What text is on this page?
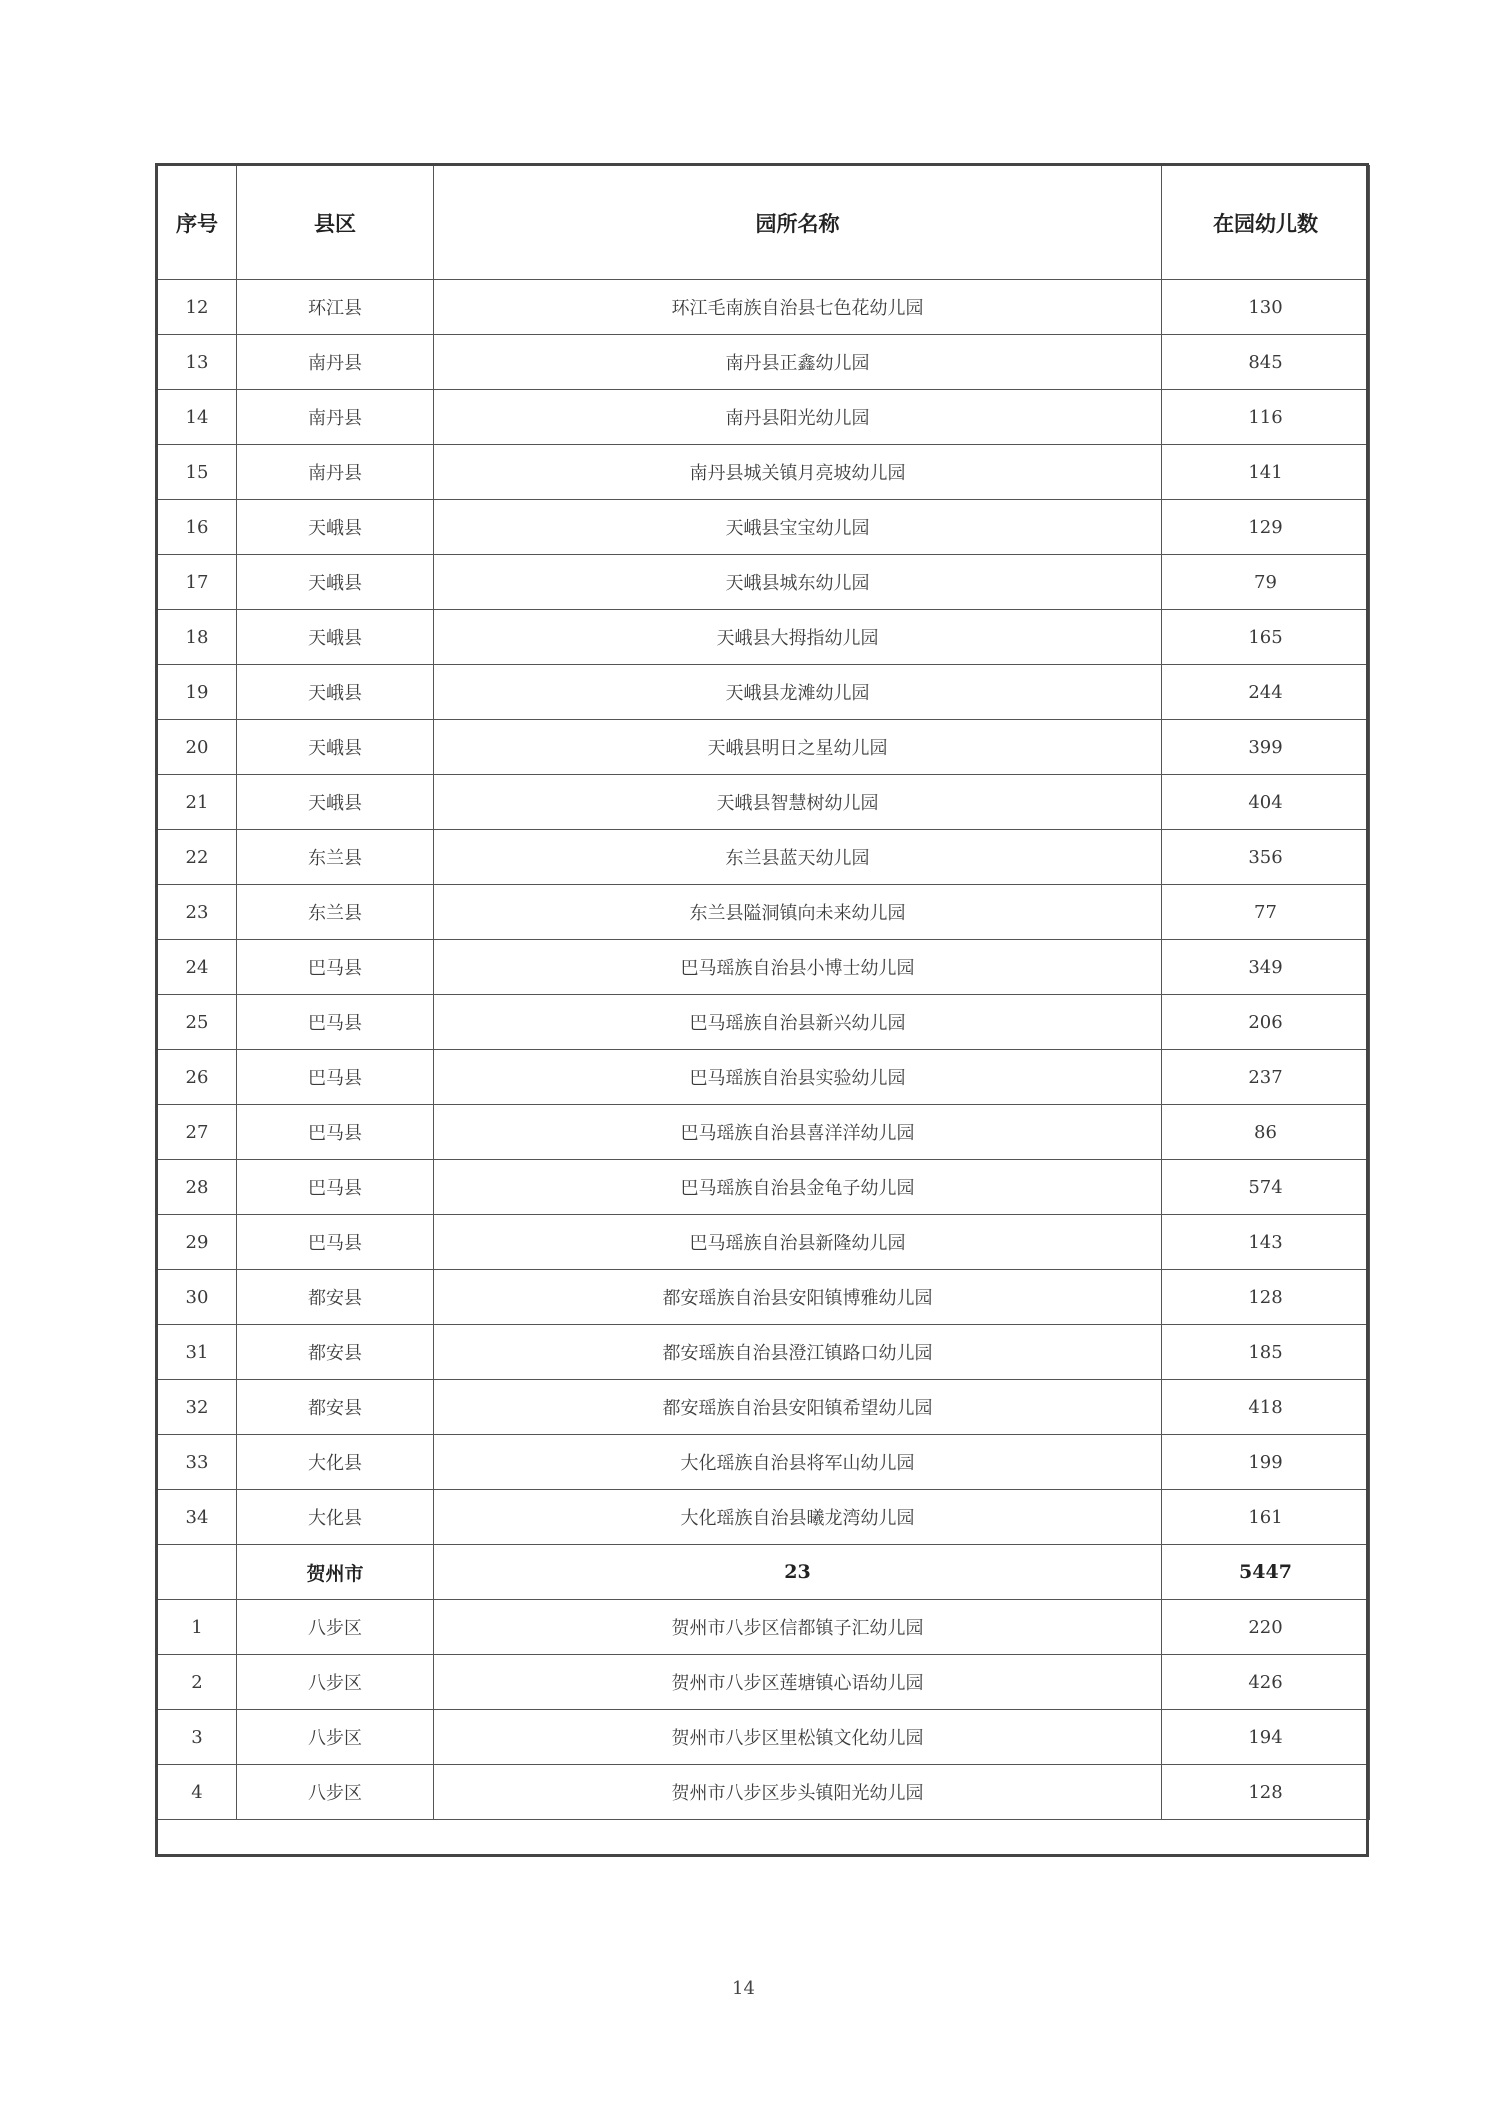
序号	县区	园所名称	在园幼儿数
12	环江县	环江毛南族自治县七色花幼儿园	130
13	南丹县	南丹县正鑫幼儿园	845
14	南丹县	南丹县阳光幼儿园	116
15	南丹县	南丹县城关镇月亮坡幼儿园	141
16	天峨县	天峨县宝宝幼儿园	129
17	天峨县	天峨县城东幼儿园	79
18	天峨县	天峨县大拇指幼儿园	165
19	天峨县	天峨县龙滩幼儿园	244
20	天峨县	天峨县明日之星幼儿园	399
21	天峨县	天峨县智慧树幼儿园	404
22	东兰县	东兰县蓝天幼儿园	356
23	东兰县	东兰县隘洞镇向未来幼儿园	77
24	巴马县	巴马瑶族自治县小博士幼儿园	349
25	巴马县	巴马瑶族自治县新兴幼儿园	206
26	巴马县	巴马瑶族自治县实验幼儿园	237
27	巴马县	巴马瑶族自治县喜洋洋幼儿园	86
28	巴马县	巴马瑶族自治县金龟子幼儿园	574
29	巴马县	巴马瑶族自治县新隆幼儿园	143
30	都安县	都安瑶族自治县安阳镇博雅幼儿园	128
31	都安县	都安瑶族自治县澄江镇路口幼儿园	185
32	都安县	都安瑶族自治县安阳镇希望幼儿园	418
33	大化县	大化瑶族自治县将军山幼儿园	199
34	大化县	大化瑶族自治县曦龙湾幼儿园	161
	贺州市	23	5447
1	八步区	贺州市八步区信都镇子汇幼儿园	220
2	八步区	贺州市八步区莲塘镇心语幼儿园	426
3	八步区	贺州市八步区里松镇文化幼儿园	194
4	八步区	贺州市八步区步头镇阳光幼儿园	128
14
